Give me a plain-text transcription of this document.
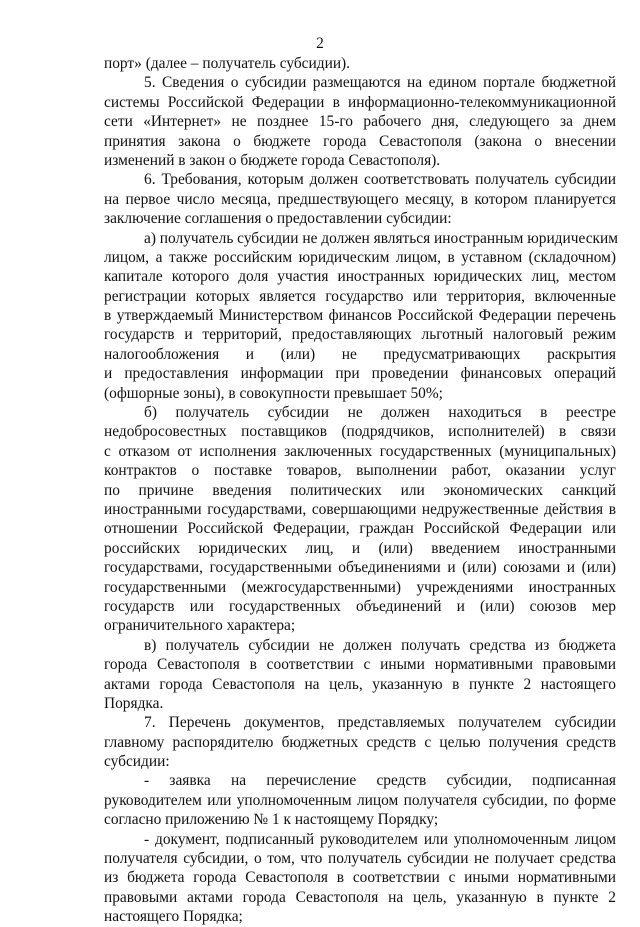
2
порт» (далее – получатель субсидии).
5. Сведения о субсидии размещаются на едином портале бюджетной
системы Российской Федерации в информационно-телекоммуникационной
сети «Интернет» не позднее 15-го рабочего дня, следующего за днем
принятия закона о бюджете города Севастополя (закона о внесении
изменений в закон о бюджете города Севастополя).
6. Требования, которым должен соответствовать получатель субсидии
на первое число месяца, предшествующего месяцу, в котором планируется
заключение соглашения о предоставлении субсидии:
а) получатель субсидии не должен являться иностранным юридическим
лицом, а также российским юридическим лицом, в уставном (складочном)
капитале которого доля участия иностранных юридических лиц, местом
регистрации которых является государство или территория, включенные
в утверждаемый Министерством финансов Российской Федерации перечень
государств и территорий, предоставляющих льготный налоговый режим
налогообложения и (или) не предусматривающих раскрытия
и предоставления информации при проведении финансовых операций
(офшорные зоны), в совокупности превышает 50%;
б) получатель субсидии не должен находиться в реестре
недобросовестных поставщиков (подрядчиков, исполнителей) в связи
с отказом от исполнения заключенных государственных (муниципальных)
контрактов о поставке товаров, выполнении работ, оказании услуг
по причине введения политических или экономических санкций
иностранными государствами, совершающими недружественные действия в
отношении Российской Федерации, граждан Российской Федерации или
российских юридических лиц, и (или) введением иностранными
государствами, государственными объединениями и (или) союзами и (или)
государственными (межгосударственными) учреждениями иностранных
государств или государственных объединений и (или) союзов мер
ограничительного характера;
в) получатель субсидии не должен получать средства из бюджета
города Севастополя в соответствии с иными нормативными правовыми
актами города Севастополя на цель, указанную в пункте 2 настоящего
Порядка.
7. Перечень документов, представляемых получателем субсидии
главному распорядителю бюджетных средств с целью получения средств
субсидии:
- заявка на перечисление средств субсидии, подписанная
руководителем или уполномоченным лицом получателя субсидии, по форме
согласно приложению № 1 к настоящему Порядку;
- документ, подписанный руководителем или уполномоченным лицом
получателя субсидии, о том, что получатель субсидии не получает средства
из бюджета города Севастополя в соответствии с иными нормативными
правовыми актами города Севастополя на цель, указанную в пункте 2
настоящего Порядка;
